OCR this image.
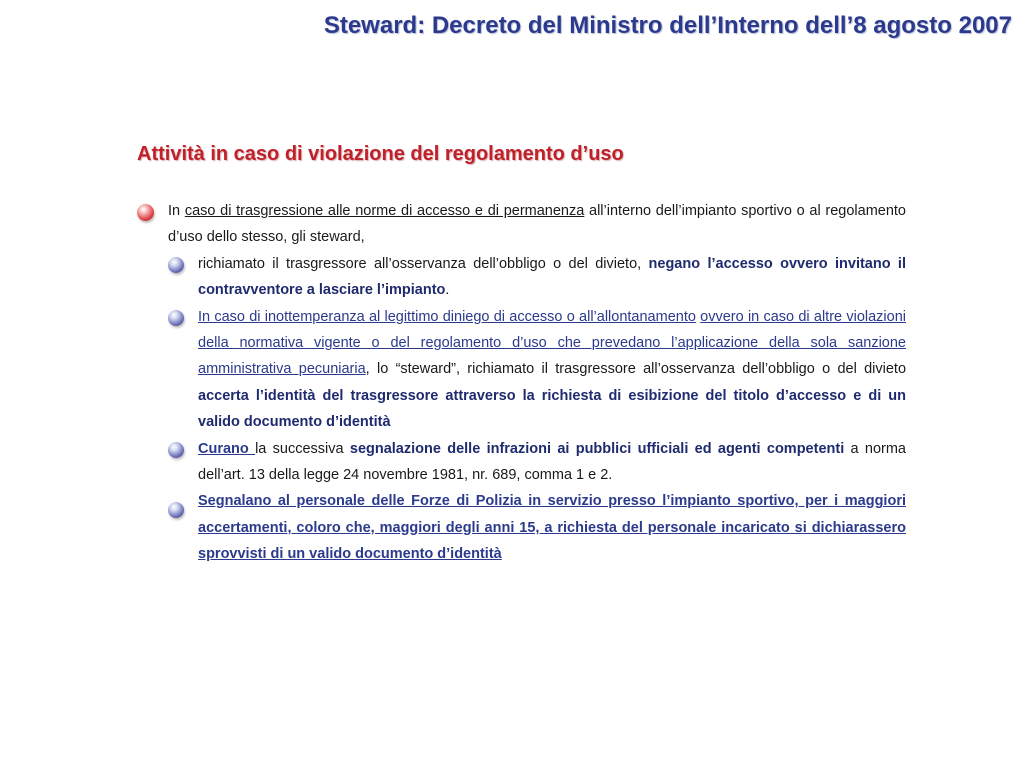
Steward: Decreto del Ministro dell’Interno dell’8 agosto 2007
Attività in caso di violazione del regolamento d’uso
In caso di trasgressione alle norme di accesso e di permanenza all’interno dell’impianto sportivo o al regolamento d’uso dello stesso, gli steward,
richiamato il trasgressore all’osservanza dell’obbligo o del divieto, negano l’accesso ovvero invitano il contravventore a lasciare l’impianto.
In caso di inottemperanza al legittimo diniego di accesso o all’allontanamento ovvero in caso di altre violazioni della normativa vigente o del regolamento d’uso che prevedano l’applicazione della sola sanzione amministrativa pecuniaria, lo “steward”, richiamato il trasgressore all’osservanza dell’obbligo o del divieto accerta l’identità del trasgressore attraverso la richiesta di esibizione del titolo d’accesso e di un valido documento d’identità
Curano la successiva segnalazione delle infrazioni ai pubblici ufficiali ed agenti competenti a norma dell’art. 13 della legge 24 novembre 1981, nr. 689, comma 1 e 2.
Segnalano al personale delle Forze di Polizia in servizio presso l’impianto sportivo, per i maggiori accertamenti, coloro che, maggiori degli anni 15, a richiesta del personale incaricato si dichiarassero sprovvisti di un valido documento d’identità
